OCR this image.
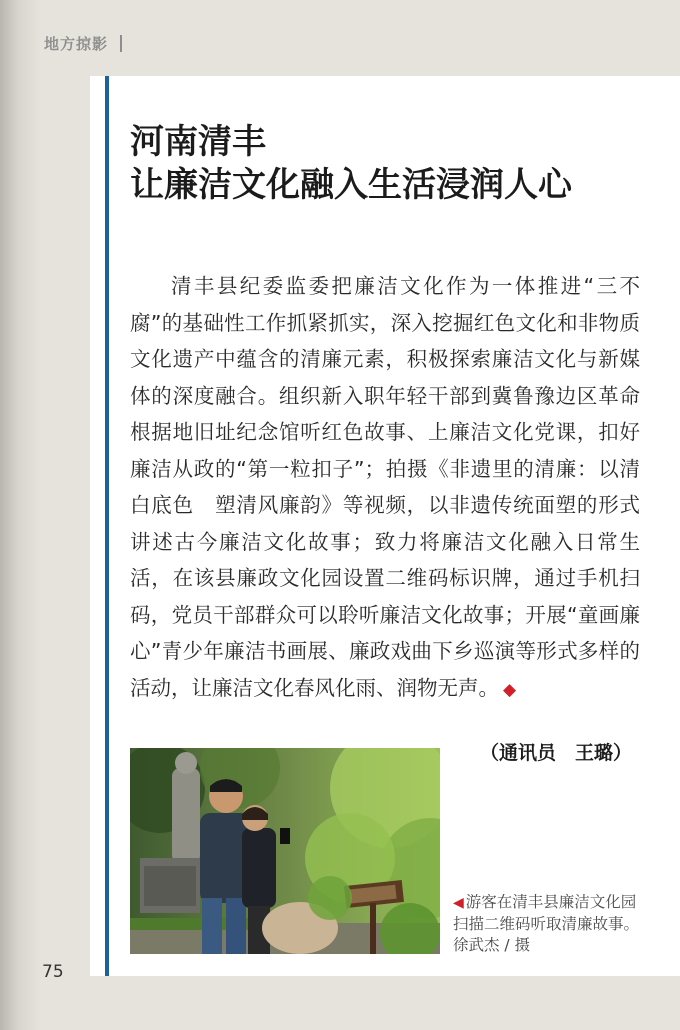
地方掠影
河南清丰
让廉洁文化融入生活浸润人心

清丰县纪委监委把廉洁文化作为一体推进“三不腐”的基础性工作抓紧抓实，深入挖掘红色文化和非物质文化遗产中蕴含的清廉元素，积极探索廉洁文化与新媒体的深度融合。组织新入职年轻干部到冀鲁豫边区革命根据地旧址纪念馆听红色故事、上廉洁文化党课，扣好廉洁从政的“第一粒扣子”；拍摄《非遗里的清廉：以清白底色　塑清风廉韵》等视频，以非遗传统面塑的形式讲述古今廉洁文化故事；致力将廉洁文化融入日常生活，在该县廉政文化园设置二维码标识牌，通过手机扫码，党员干部群众可以聆听廉洁文化故事；开展“童画廉心”青少年廉洁书画展、廉政戏曲下乡巡演等形式多样的活动，让廉洁文化春风化雨、润物无声。 ◆

（通讯员　王璐）

◀ 游客在清丰县廉洁文化园扫描二维码听取清廉故事。徐武杰 / 摄

75
